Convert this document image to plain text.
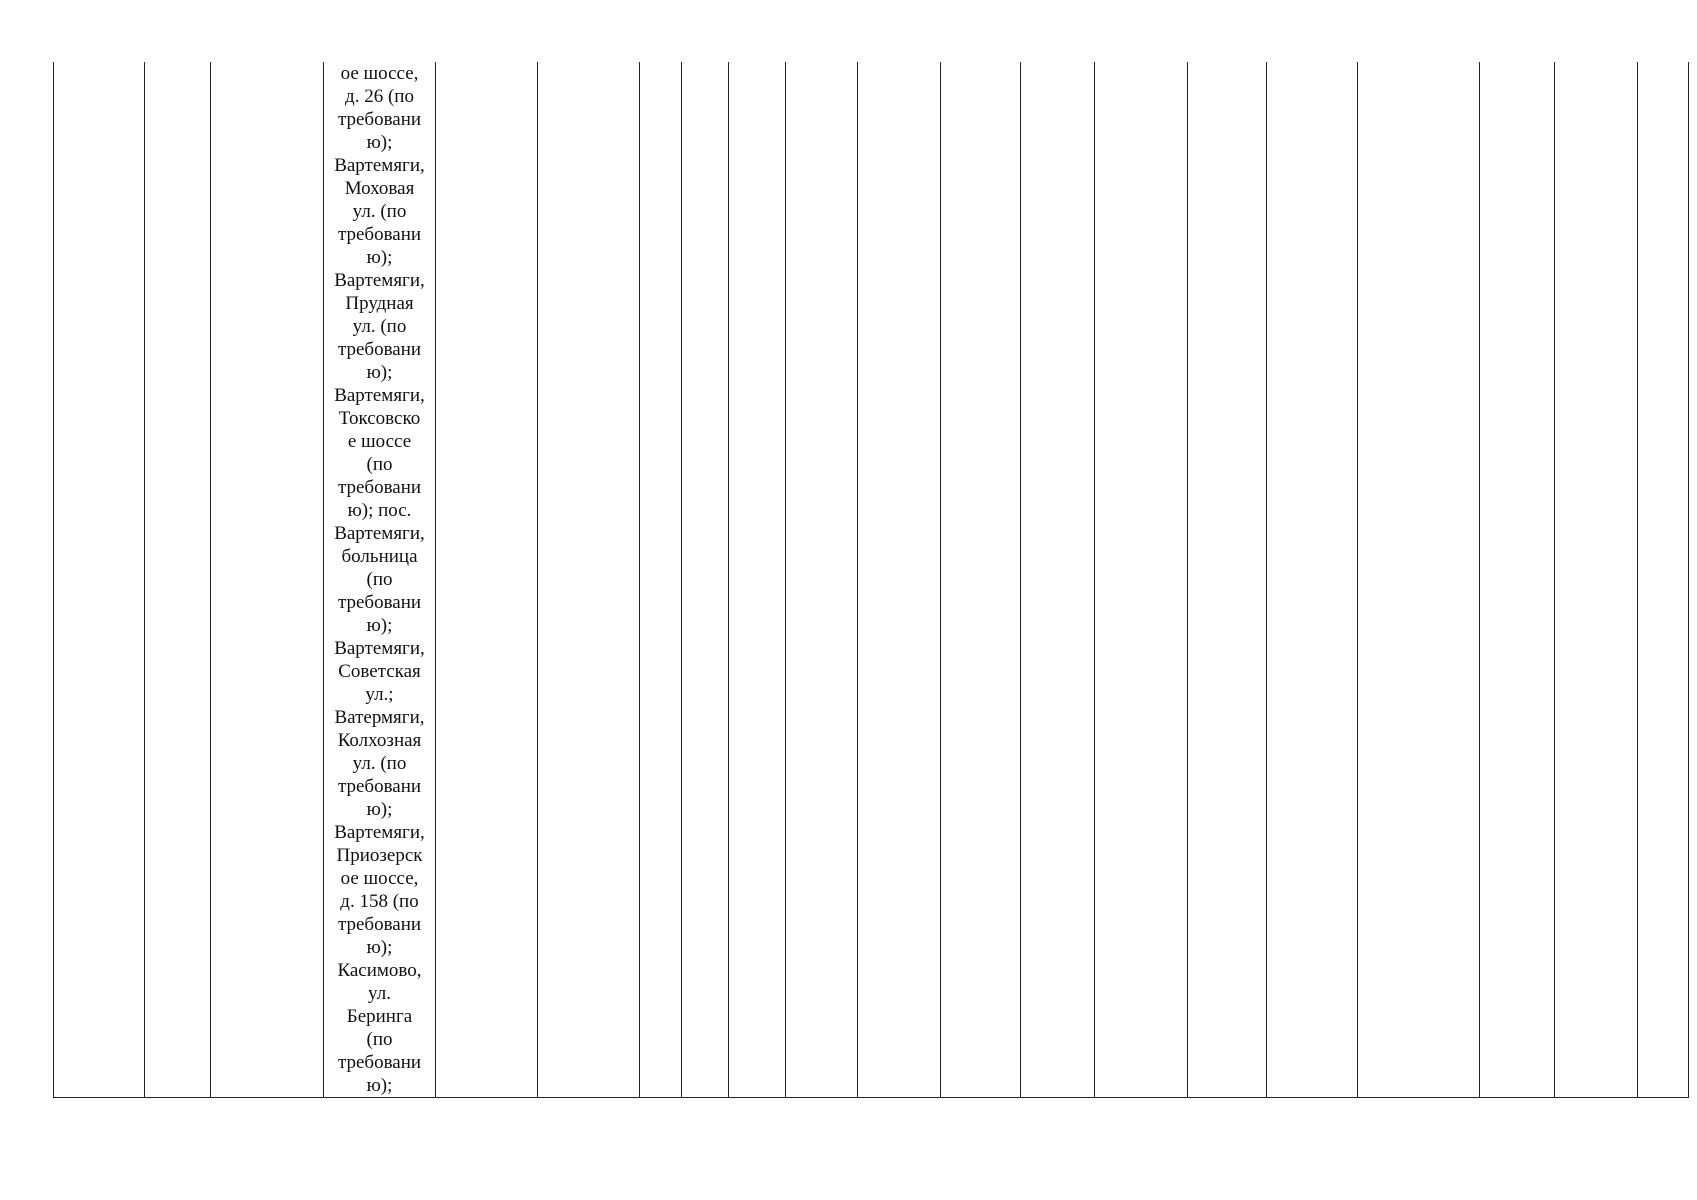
ое шоссе,
д. 26 (по
требовани
ю);
Вартемяги,
Моховая
ул. (по
требовани
ю);
Вартемяги,
Прудная
ул. (по
требовани
ю);
Вартемяги,
Токсовско
е шоссе
(по
требовани
ю); пос.
Вартемяги,
больница
(по
требовани
ю);
Вартемяги,
Советская
ул.;
Ватермяги,
Колхозная
ул. (по
требовани
ю);
Вартемяги,
Приозерск
ое шоссе,
д. 158 (по
требовани
ю);
Касимово,
ул.
Беринга
(по
требовани
ю);
